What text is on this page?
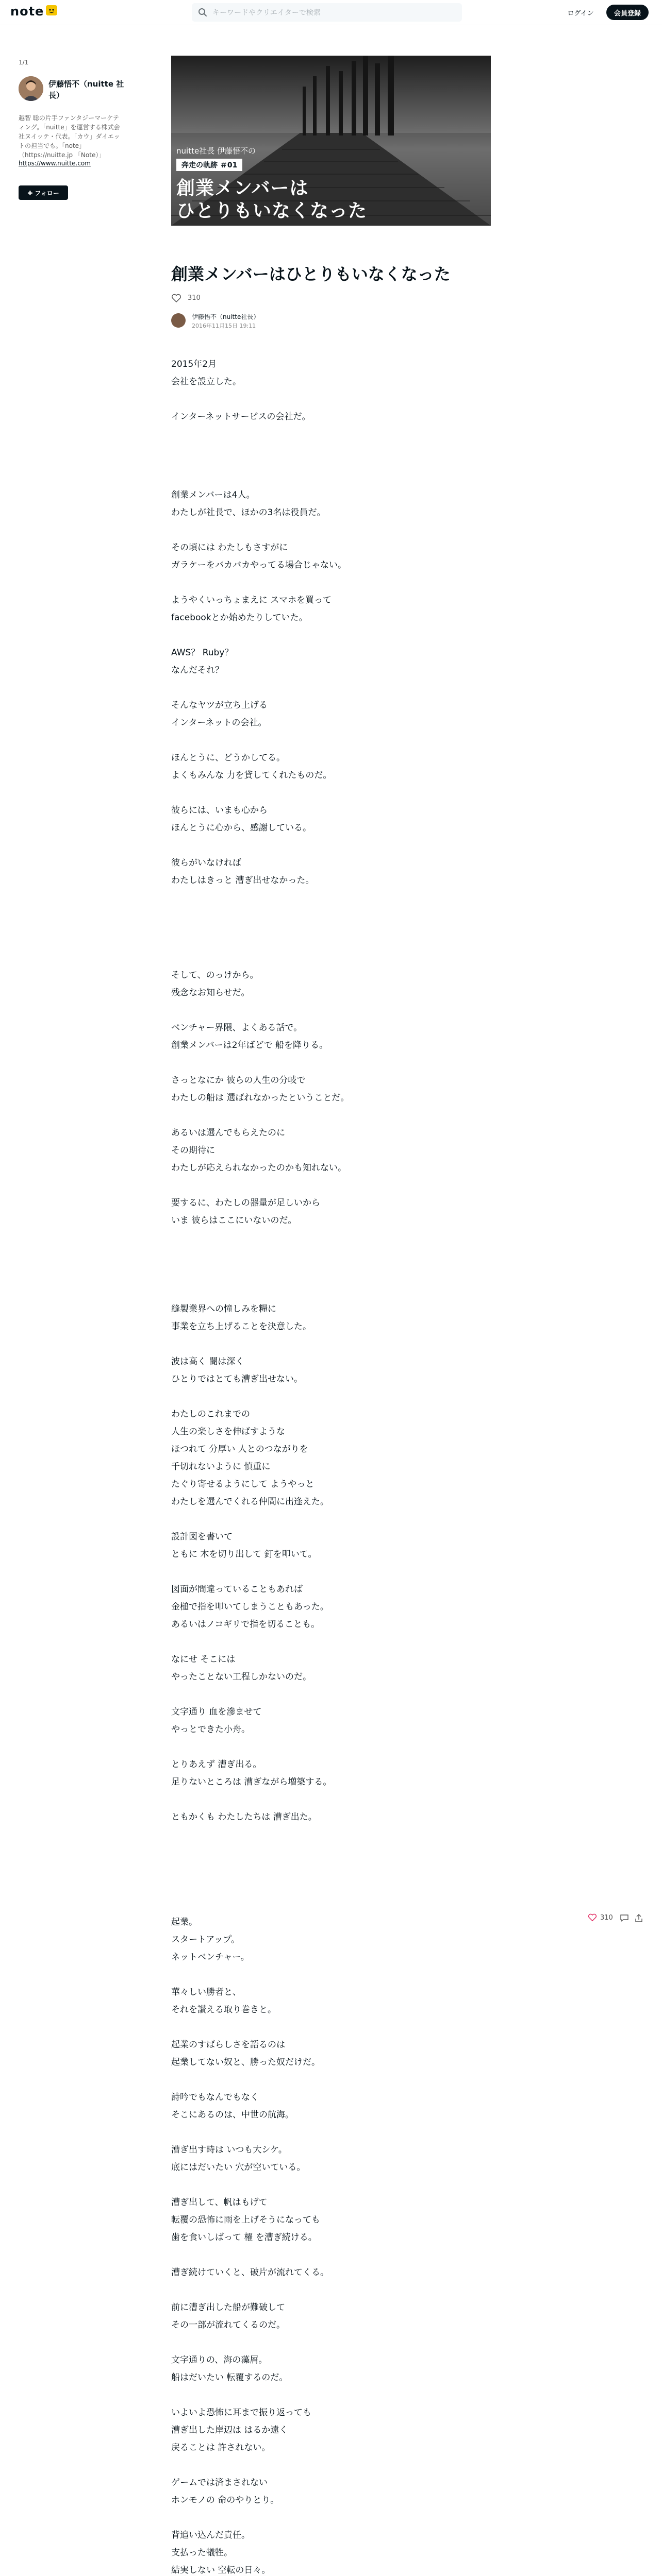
note
キーワードやクリエイターで検索	ログイン	会員登録
1/1
伊藤悟不（nuitte 社長）
越智 聡の片手ファンタジーマーケティング。「nuitte」を運営する株式会社ヌイッテ・代表。「カウ」ダイエットの担当でも。「note」（https://nuitte.jp 「Note）」
https://www.nuitte.com
✚ フォロー
nuitte社長 伊藤悟不の
奔走の軌跡 ＃01
創業メンバーは
ひとりもいなくなった
創業メンバーはひとりもいなくなった
310
伊藤悟不（nuitte社長）
2016年11月15日 19:11
2015年2月
会社を設立した。

インターネットサービスの会社だ。
創業メンバーは4人。
わたしが社長で、ほかの3名は役員だ。

その頃には わたしもさすがに
ガラケーをバカバカやってる場合じゃない。

ようやくいっちょまえに スマホを買って
facebookとか始めたりしていた。

AWS？ Ruby？
なんだそれ？

そんなヤツが立ち上げる
インターネットの会社。

ほんとうに、どうかしてる。
よくもみんな 力を貸してくれたものだ。

彼らには、いまも心から
ほんとうに心から、感謝している。

彼らがいなければ
わたしはきっと 漕ぎ出せなかった。
そして、のっけから。
残念なお知らせだ。

ベンチャー界隈、よくある話で。
創業メンバーは2年ばどで 船を降りる。

さっとなにか 彼らの人生の分岐で
わたしの船は 選ばれなかったということだ。

あるいは選んでもらえたのに
その期待に
わたしが応えられなかったのかも知れない。

要するに、わたしの器量が足しいから
いま 彼らはここにいないのだ。
縫製業界への憧しみを糧に
事業を立ち上げることを決意した。

波は高く 闇は深く
ひとりではとても漕ぎ出せない。

わたしのこれまでの
人生の楽しさを伸ばすような
ほつれて 分厚い 人とのつながりを
千切れないように 慎重に
たぐり寄せるようにして ようやっと
わたしを選んでくれる仲間に出逢えた。

設計図を書いて
ともに 木を切り出して 釘を叩いて。

図面が間違っていることもあれば
金槌で指を叩いてしまうこともあった。
あるいはノコギリで指を切ることも。

なにせ そこには
やったことない工程しかないのだ。

文字通り 血を滲ませて
やっとできた小舟。

とりあえず 漕ぎ出る。
足りないところは 漕ぎながら増築する。

ともかくも わたしたちは 漕ぎ出た。
起業。
スタートアップ。
ネットベンチャー。

華々しい勝者と、
それを讃える取り巻きと。

起業のすばらしさを語るのは
起業してない奴と、勝った奴だけだ。

詩吟でもなんでもなく
そこにあるのは、中世の航海。

漕ぎ出す時は いつも大シケ。
底にはだいたい 穴が空いている。

漕ぎ出して、帆はもげて
転覆の恐怖に雨を上げそうになっても
歯を食いしばって 櫂 を漕ぎ続ける。

漕ぎ続けていくと、破片が流れてくる。

前に漕ぎ出した船が難破して
その一部が流れてくるのだ。

文字通りの、海の藻屑。
船はだいたい 転覆するのだ。

いよいよ恐怖に耳まで振り返っても
漕ぎ出した岸辺は はるか遠く
戻ることは 許されない。

ゲームでは済まされない
ホンモノの 命のやりとり。

背追い込んだ責任。
支払った犠牲。
結実しない 空転の日々。

310
